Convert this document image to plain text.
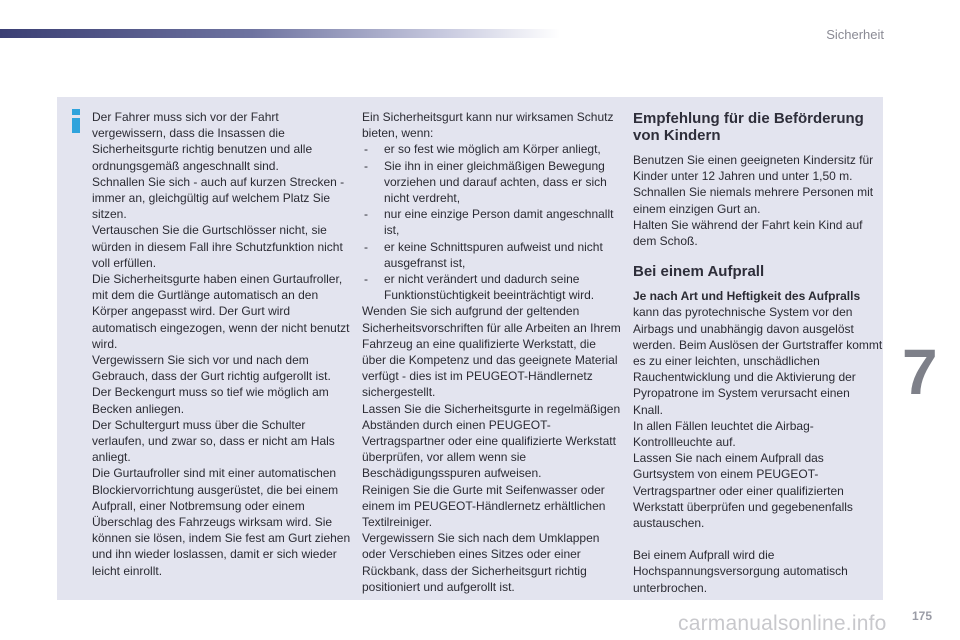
Sicherheit

Der Fahrer muss sich vor der Fahrt vergewissern, dass die Insassen die Sicherheitsgurte richtig benutzen und alle ordnungsgemäß angeschnallt sind.

Schnallen Sie sich - auch auf kurzen Strecken - immer an, gleichgültig auf welchem Platz Sie sitzen.

Vertauschen Sie die Gurtschlösser nicht, sie würden in diesem Fall ihre Schutzfunktion nicht voll erfüllen.

Die Sicherheitsgurte haben einen Gurtaufroller, mit dem die Gurtlänge automatisch an den Körper angepasst wird. Der Gurt wird automatisch eingezogen, wenn der nicht benutzt wird.

Vergewissern Sie sich vor und nach dem Gebrauch, dass der Gurt richtig aufgerollt ist.

Der Beckengurt muss so tief wie möglich am Becken anliegen.

Der Schultergurt muss über die Schulter verlaufen, und zwar so, dass er nicht am Hals anliegt.

Die Gurtaufroller sind mit einer automatischen Blockiervorrichtung ausgerüstet, die bei einem Aufprall, einer Notbremsung oder einem Überschlag des Fahrzeugs wirksam wird. Sie können sie lösen, indem Sie fest am Gurt ziehen und ihn wieder loslassen, damit er sich wieder leicht einrollt.

Ein Sicherheitsgurt kann nur wirksamen Schutz bieten, wenn:

- er so fest wie möglich am Körper anliegt,
- Sie ihn in einer gleichmäßigen Bewegung vorziehen und darauf achten, dass er sich nicht verdreht,
- nur eine einzige Person damit angeschnallt ist,
- er keine Schnittspuren aufweist und nicht ausgefranst ist,
- er nicht verändert und dadurch seine Funktionstüchtigkeit beeinträchtigt wird.

Wenden Sie sich aufgrund der geltenden Sicherheitsvorschriften für alle Arbeiten an Ihrem Fahrzeug an eine qualifizierte Werkstatt, die über die Kompetenz und das geeignete Material verfügt - dies ist im PEUGEOT-Händlernetz sichergestellt.

Lassen Sie die Sicherheitsgurte in regelmäßigen Abständen durch einen PEUGEOT-Vertragspartner oder eine qualifizierte Werkstatt überprüfen, vor allem wenn sie Beschädigungsspuren aufweisen.

Reinigen Sie die Gurte mit Seifenwasser oder einem im PEUGEOT-Händlernetz erhältlichen Textilreiniger.

Vergewissern Sie sich nach dem Umklappen oder Verschieben eines Sitzes oder einer Rückbank, dass der Sicherheitsgurt richtig positioniert und aufgerollt ist.

Empfehlung für die Beförderung von Kindern

Benutzen Sie einen geeigneten Kindersitz für Kinder unter 12 Jahren und unter 1,50 m.

Schnallen Sie niemals mehrere Personen mit einem einzigen Gurt an.

Halten Sie während der Fahrt kein Kind auf dem Schoß.

Bei einem Aufprall

Je nach Art und Heftigkeit des Aufpralls kann das pyrotechnische System vor den Airbags und unabhängig davon ausgelöst werden. Beim Auslösen der Gurtstraffer kommt es zu einer leichten, unschädlichen Rauchentwicklung und die Aktivierung der Pyropatrone im System verursacht einen Knall.

In allen Fällen leuchtet die Airbag-Kontrollleuchte auf.

Lassen Sie nach einem Aufprall das Gurtsystem von einem PEUGEOT-Vertragspartner oder einer qualifizierten Werkstatt überprüfen und gegebenenfalls austauschen.

Bei einem Aufprall wird die Hochspannungsversorgung automatisch unterbrochen.

7
carmanualsonline.info 175
